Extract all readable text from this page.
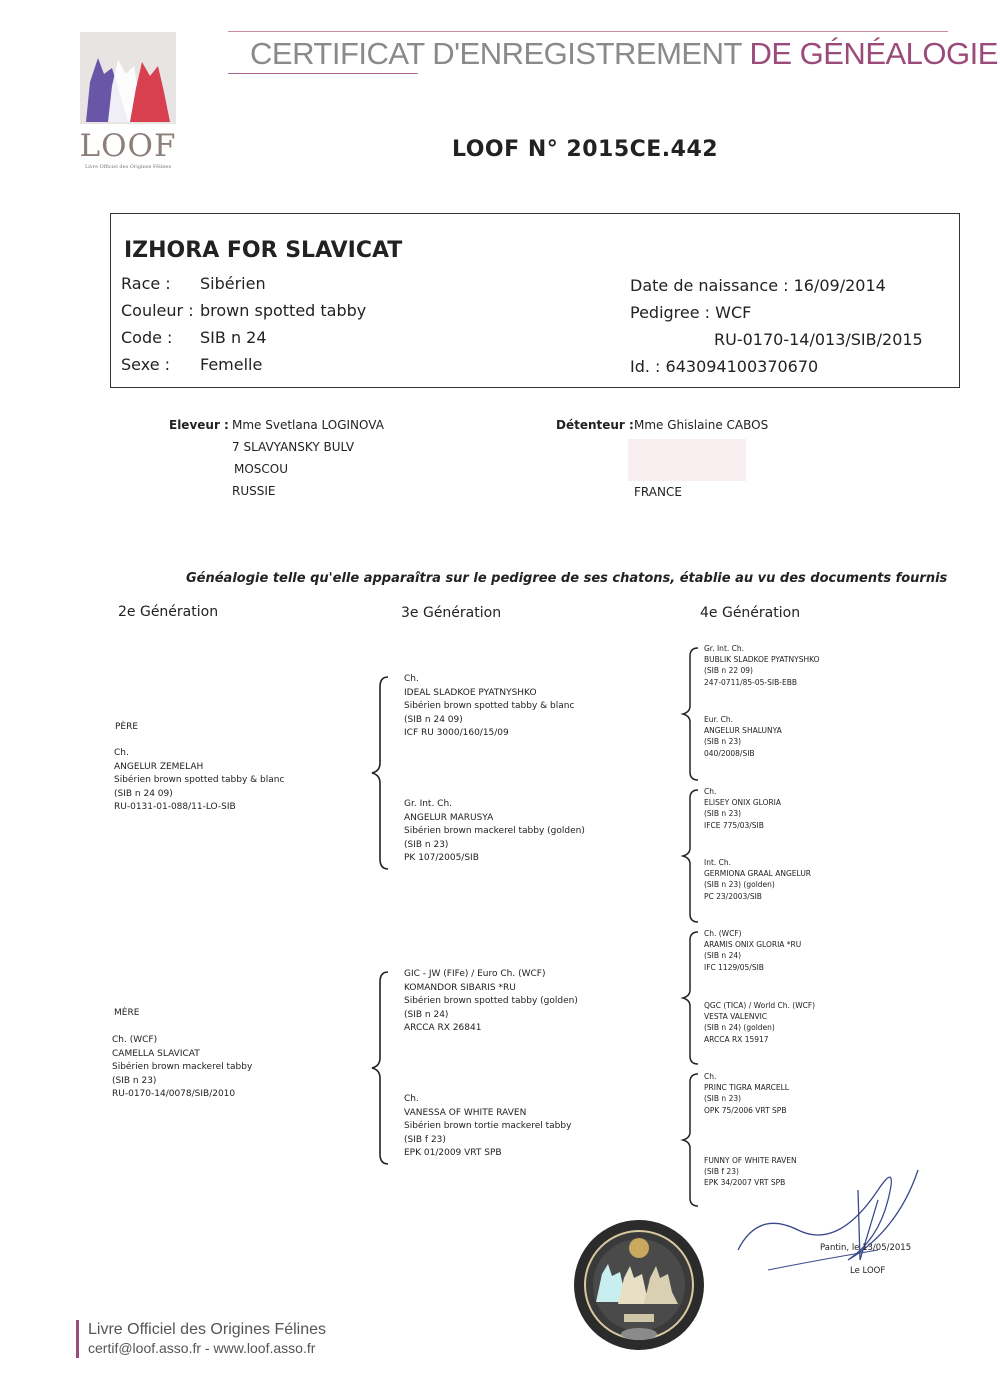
LOOF
Livre Officiel des Origines Félines
CERTIFICAT D'ENREGISTREMENT DE GÉNÉALOGIE
LOOF N° 2015CE.442
IZHORA FOR SLAVICAT
Race : Sibérien
Couleur : brown spotted tabby
Code : SIB n 24
Sexe : Femelle
Date de naissance : 16/09/2014
Pedigree : WCF
RU-0170-14/013/SIB/2015
Id. : 643094100370670
Eleveur : Mme Svetlana LOGINOVA
7 SLAVYANSKY BULV
MOSCOU
RUSSIE
Détenteur : Mme Ghislaine CABOS
FRANCE
Généalogie telle qu'elle apparaîtra sur le pedigree de ses chatons, établie au vu des documents fournis
2e Génération	3e Génération	4e Génération
PÈRE
Ch.
ANGELUR ZEMELAH
Sibérien brown spotted tabby & blanc
(SIB n 24 09)
RU-0131-01-088/11-LO-SIB
MÈRE
Ch. (WCF)
CAMELLA SLAVICAT
Sibérien brown mackerel tabby
(SIB n 23)
RU-0170-14/0078/SIB/2010
Ch.
IDEAL SLADKOE PYATNYSHKO
Sibérien brown spotted tabby & blanc
(SIB n 24 09)
ICF RU 3000/160/15/09
Gr. Int. Ch.
ANGELUR MARUSYA
Sibérien brown mackerel tabby (golden)
(SIB n 23)
PK 107/2005/SIB
GIC - JW (FIFe) / Euro Ch. (WCF)
KOMANDOR SIBARIS *RU
Sibérien brown spotted tabby (golden)
(SIB n 24)
ARCCA RX 26841
Ch.
VANESSA OF WHITE RAVEN
Sibérien brown tortie mackerel tabby
(SIB f 23)
EPK 01/2009 VRT SPB
Gr. Int. Ch.
BUBLIK SLADKOE PYATNYSHKO
(SIB n 22 09)
247-0711/85-05-SIB-EBB
Eur. Ch.
ANGELUR SHALUNYA
(SIB n 23)
040/2008/SIB
Ch.
ELISEY ONIX GLORIA
(SIB n 23)
IFCE 775/03/SIB
Int. Ch.
GERMIONA GRAAL ANGELUR
(SIB n 23) (golden)
PC 23/2003/SIB
Ch. (WCF)
ARAMIS ONIX GLORIA *RU
(SIB n 24)
IFC 1129/05/SIB
QGC (TICA) / World Ch. (WCF)
VESTA VALENVIC
(SIB n 24) (golden)
ARCCA RX 15917
Ch.
PRINC TIGRA MARCELL
(SIB n 23)
OPK 75/2006 VRT SPB
FUNNY OF WHITE RAVEN
(SIB f 23)
EPK 34/2007 VRT SPB
Pantin, le 13/05/2015
Le LOOF
Livre Officiel des Origines Félines
certif@loof.asso.fr - www.loof.asso.fr
